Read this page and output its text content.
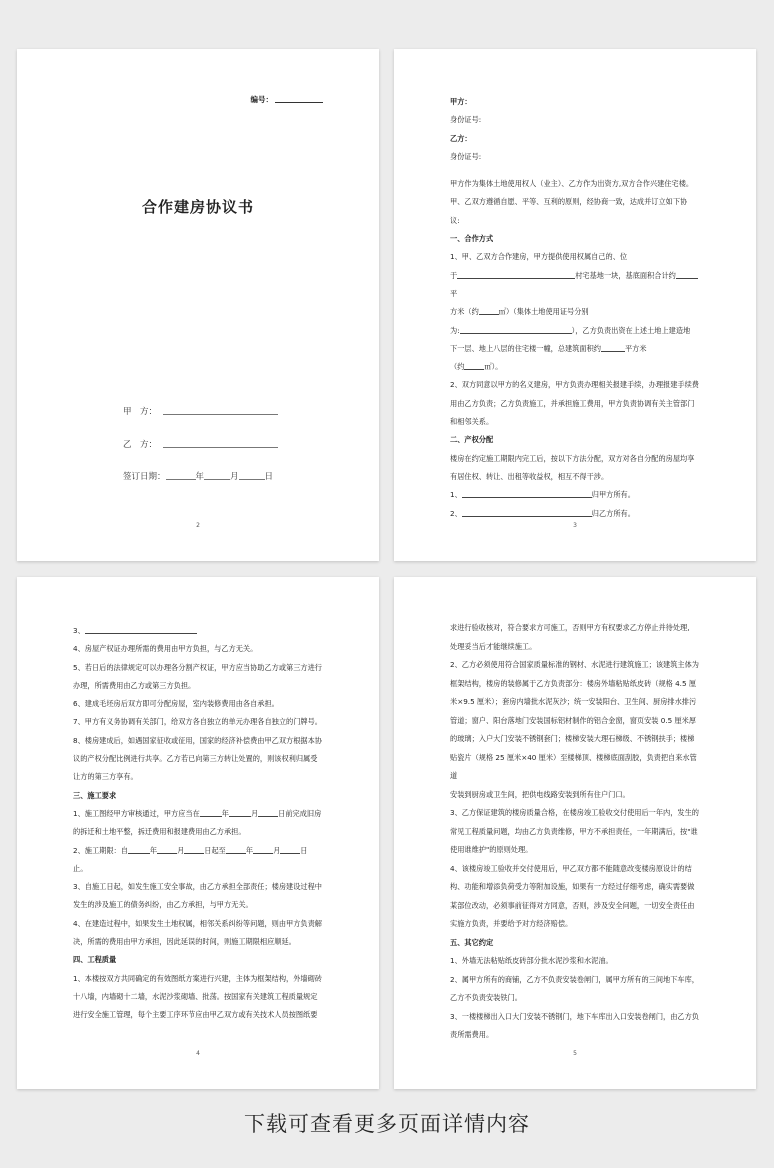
编号：
合作建房协议书
甲　方：
乙　方：
签订日期：	年	月	日
2

甲方：

身份证号:

乙方：

身份证号:

甲方作为集体土地使用权人（业主）、乙方作为出资方,双方合作兴建住宅楼。

甲、乙双方遵循自愿、平等、互利的原则，经协商一致，达成并订立如下协

议:

一、合作方式

1、甲、乙双方合作建房，甲方提供使用权属自己的、位

于	村宅基地一块，基底面积合计约平

方米（约	㎡）（集体土地使用证号分别

为:	），乙方负责出资在上述土地上建造地

下一层、地上八层的住宅楼一幢，总建筑面积约	平方米

（约	㎡）。

2、双方同意以甲方的名义建房，甲方负责办理相关报建手续，办理报建手续费

用由乙方负责；乙方负责施工，并承担施工费用，甲方负责协调有关主管部门

和相邻关系。

二、产权分配

楼房在约定施工期限内完工后，按以下方法分配，双方对各自分配的房屋均享

有居住权、转让、出租等收益权，相互不得干涉。

1、	归甲方所有。

2、	归乙方所有。

3

3、

4、房屋产权证办理所需的费用由甲方负担，与乙方无关。

5、若日后的法律规定可以办理各分割产权证，甲方应当协助乙方或第三方进行

办理，所需费用由乙方或第三方负担。

6、建成毛坯房后双方即可分配房屋，室内装修费用由各自承担。

7、甲方有义务协调有关部门，给双方各自独立的单元办理各自独立的门牌号。

8、楼房建成后，如遇国家征收或征用，国家的经济补偿费由甲乙双方根据本协

议的产权分配比例进行共享。乙方若已向第三方转让处置的，则该权利归属受

让方的第三方享有。

三、施工要求

1、施工图经甲方审核通过，甲方应当在	年	月	日前完成旧房

的拆迁和土地平整，拆迁费用和报建费用由乙方承担。

2、施工期限：自	年	月	日起至	年	月	日

止。

3、自施工日起，如发生施工安全事故，由乙方承担全部责任；楼房建设过程中

发生的涉及施工的债务纠纷，由乙方承担，与甲方无关。

4、在建造过程中，如果发生土地权属，相邻关系纠纷等问题，则由甲方负责解

决，所需的费用由甲方承担，因此延误的时间，则施工期限相应顺延。

四、工程质量

1、本楼按双方共同确定的有效图纸方案进行兴建，主体为框架结构，外墙砌砖

十八墙，内墙砌十二墙，水泥沙浆砌墙、批荡。按国家有关建筑工程质量规定

进行安全施工管理，每个主要工序环节应由甲乙双方或有关技术人员按图纸要

4

求进行验收核对，符合要求方可施工，否则甲方有权要求乙方停止并待处理,

处理妥当后才能继续施工。

2、乙方必须使用符合国家质量标准的钢材、水泥进行建筑施工；该建筑主体为

框架结构，楼房的装修属于乙方负责部分：楼房外墙粘贴纸皮砖（规格 4.5 厘

米×9.5 厘米）；套房内墙批水泥灰沙；统一安装阳台、卫生间、厨房排水排污

管道；窗户、阳台落地门安装国标铝材制作的铝合金窗，窗页安装 0.5 厘米厚

的玻璃；入户大门安装不锈钢套门；楼梯安装大理石梯级、不锈钢扶手；楼梯

贴瓷片（规格 25 厘米×40 厘米）至楼梯顶、楼梯底面刮胶，负责把自来水管道

安装到厨房或卫生间，把供电线路安装到所有住户门口。

3、乙方保证建筑的楼房质量合格，在楼房竣工验收交付使用后一年内，发生的

常见工程质量问题，均由乙方负责维修，甲方不承担责任，一年期满后，按"谁

使用谁维护"的原则处理。

4、该楼房竣工验收并交付使用后，甲乙双方都不能随意改变楼房原设计的结

构、功能和增添负荷受力等附加设施，如果有一方经过仔细考虑，确实需要做

某部位改动，必须事前征得对方同意，否则，涉及安全问题，一切安全责任由

实施方负责，并要给予对方经济赔偿。

五、其它约定

1、外墙无法粘贴纸皮砖部分批水泥沙浆和水泥油。

2、属甲方所有的商铺，乙方不负责安装卷闸门，属甲方所有的三间地下车库，

乙方不负责安装铁门。

3、一楼楼梯出入口大门安装不锈钢门，地下车库出入口安装卷闸门，由乙方负

责所需费用。

5
下载可查看更多页面详情内容
